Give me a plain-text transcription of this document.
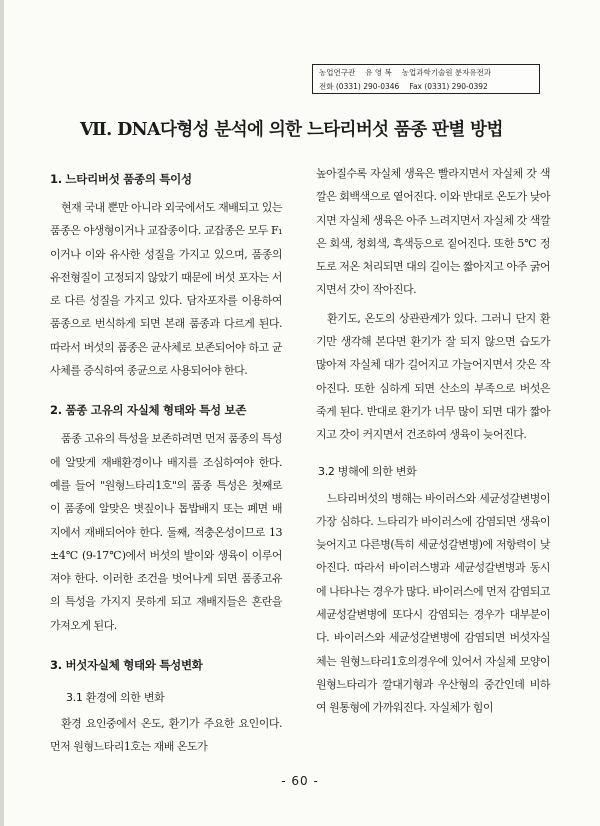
농업연구관 유 영 복 농업과학기술원 분자유전과
전화 (0331) 290-0346 Fax (0331) 290-0392
Ⅶ. DNA다형성 분석에 의한 느타리버섯 품종 판별 방법
1. 느타리버섯 품종의 특이성

현재 국내 뿐만 아니라 외국에서도 재배되고 있는 품종은 야생형이거나 교잡종이다. 교잡종은 모두 F₁이거나 이와 유사한 성질을 가지고 있으며, 품종의 유전형질이 고정되지 않았기 때문에 버섯 포자는 서로 다른 성질을 가지고 있다. 담자포자를 이용하여 품종으로 번식하게 되면 본래 품종과 다르게 된다. 따라서 버섯의 품종은 균사체로 보존되어야 하고 균사체를 증식하여 종균으로 사용되어야 한다.

2. 품종 고유의 자실체 형태와 특성 보존

품종 고유의 특성을 보존하려면 먼저 품종의 특성에 알맞게 재배환경이나 배지를 조심하여야 한다. 예를 들어 "원형느타리1호"의 품종 특성은 첫째로 이 품종에 알맞은 볏짚이나 톱밥배지 또는 폐면 배지에서 재배되어야 한다. 둘째, 적충온성이므로 13±4℃ (9-17℃)에서 버섯의 발이와 생육이 이루어져야 한다. 이러한 조건을 벗어나게 되면 품종고유의 특성을 가지지 못하게 되고 재배지들은 혼란을 가져오게 된다.

3. 버섯자실체 형태와 특성변화
3.1 환경에 의한 변화

환경 요인중에서 온도, 환기가 주요한 요인이다. 먼저 원형느타리1호는 재배 온도가

높아질수록 자실체 생육은 빨라지면서 자실체 갓 색깔은 회백색으로 옅어진다. 이와 반대로 온도가 낮아지면 자실체 생육은 아주 느려지면서 자실체 갓 색깔은 회색, 청회색, 흑색등으로 짙어진다. 또한 5℃ 정도로 저온 처리되면 대의 길이는 짧아지고 아주 굵어지면서 갓이 작아진다.

환기도, 온도의 상관관계가 있다. 그러니 단지 환기만 생각해 본다면 환기가 잘 되지 않으면 습도가 많아져 자실체 대가 길어지고 가늘어지면서 갓은 작아진다. 또한 심하게 되면 산소의 부족으로 버섯은 죽게 된다. 반대로 환기가 너무 많이 되면 대가 짧아지고 갓이 커지면서 건조하여 생육이 늦어진다.

3.2 병해에 의한 변화

느타리버섯의 병해는 바이러스와 세균성갈변병이 가장 심하다. 느타리가 바이러스에 감염되면 생육이 늦어지고 다른병(특히 세균성갈변병)에 저항력이 낮아진다. 따라서 바이러스병과 세균성갈변병과 동시에 나타나는 경우가 많다. 바이러스에 먼저 감염되고 세균성갈변병에 또다시 감염되는 경우가 대부분이다. 바이러스와 세균성갈변병에 감염되면 버섯자실체는 원형느타리1호의경우에 있어서 자실체 모양이 원형느타리가 깔대기형과 우산형의 중간인데 비하여 원통형에 가까워진다. 자실체가 힘이

- 60 -
